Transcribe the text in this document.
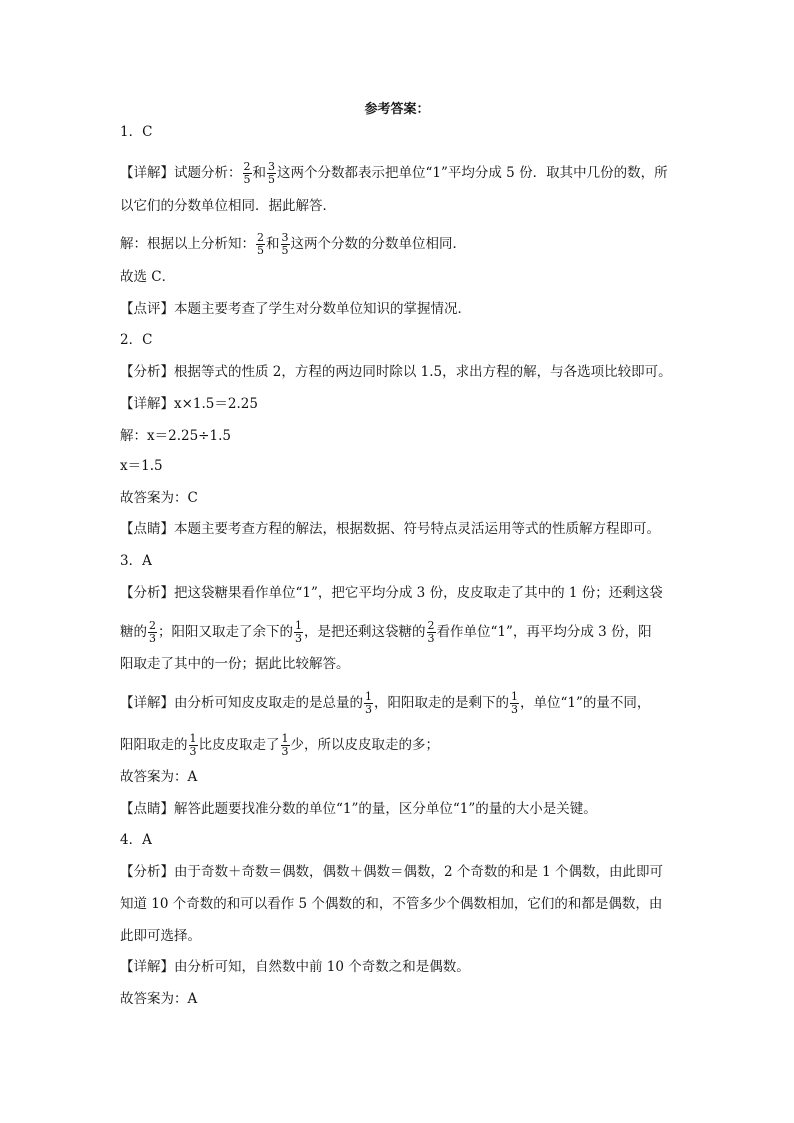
参考答案：
1．C
【详解】试题分析： $\frac{2}{5}$ 和 $\frac{3}{5}$ 这两个分数都表示把单位“1”平均分成 5 份．取其中几份的数，所
以它们的分数单位相同．据此解答．
解：根据以上分析知： $\frac{2}{5}$ 和 $\frac{3}{5}$ 这两个分数的分数单位相同．
故选 C．
【点评】本题主要考查了学生对分数单位知识的掌握情况．
2．C
【分析】根据等式的性质 2，方程的两边同时除以 1.5，求出方程的解，与各选项比较即可。
【详解】x×1.5＝2.25
解：x＝2.25÷1.5
x＝1.5
故答案为：C
【点睛】本题主要考查方程的解法，根据数据、符号特点灵活运用等式的性质解方程即可。
3．A
【分析】把这袋糖果看作单位“1”，把它平均分成 3 份，皮皮取走了其中的 1 份；还剩这袋
糖的 $\frac{2}{3}$ ；阳阳又取走了余下的 $\frac{1}{3}$ ，是把还剩这袋糖的 $\frac{2}{3}$ 看作单位“1”，再平均分成 3 份，阳
阳取走了其中的一份；据此比较解答。
【详解】由分析可知皮皮取走的是总量的 $\frac{1}{3}$ ，阳阳取走的是剩下的 $\frac{1}{3}$ ，单位“1”的量不同，
阳阳取走的 $\frac{1}{3}$ 比皮皮取走了 $\frac{1}{3}$ 少，所以皮皮取走的多；
故答案为：A
【点睛】解答此题要找准分数的单位“1”的量，区分单位“1”的量的大小是关键。
4．A
【分析】由于奇数＋奇数＝偶数，偶数＋偶数＝偶数，2 个奇数的和是 1 个偶数，由此即可
知道 10 个奇数的和可以看作 5 个偶数的和，不管多少个偶数相加，它们的和都是偶数，由
此即可选择。
【详解】由分析可知，自然数中前 10 个奇数之和是偶数。
故答案为：A
